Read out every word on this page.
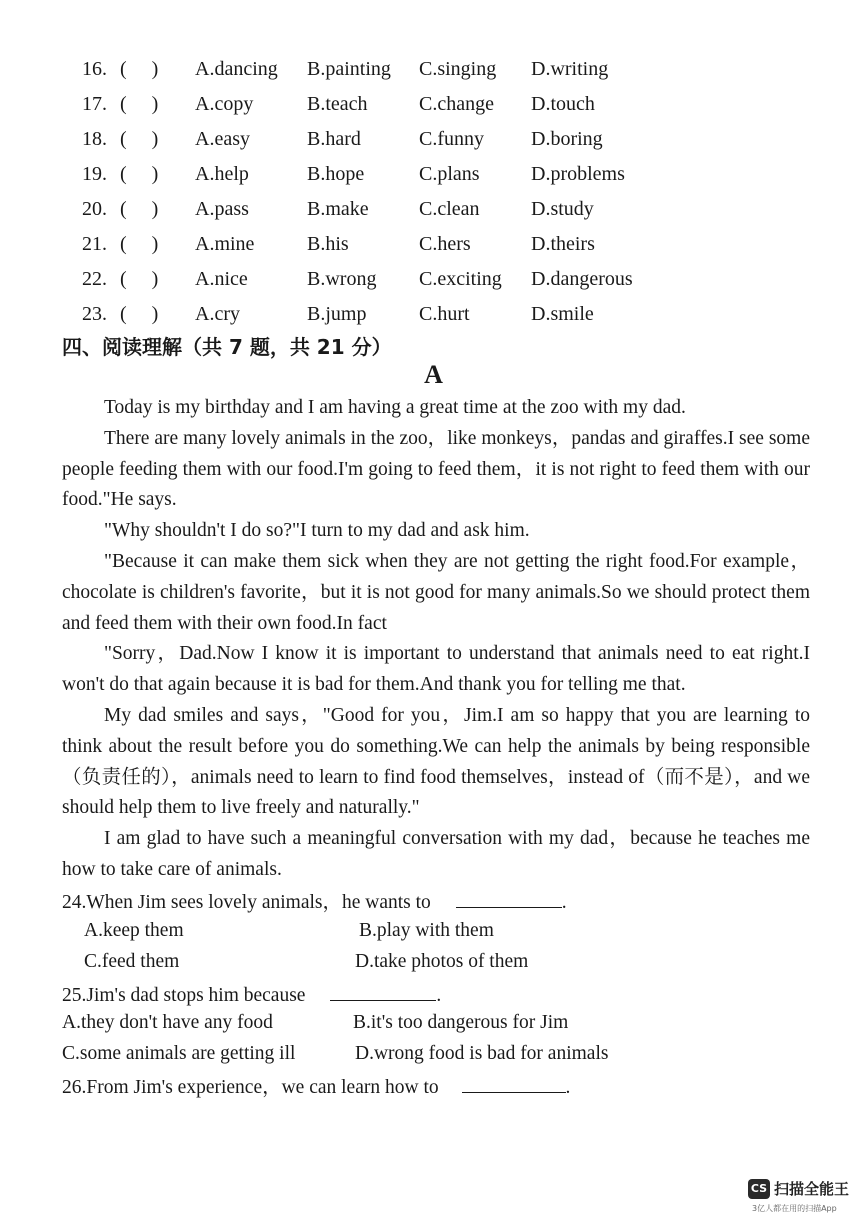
16. (     ) A.dancing B.painting C.singing D.writing
17. (     ) A.copy	B.teach	C.change D.touch
18. (     ) A.easy	B.hard	C.funny D.boring
19. (     ) A.help	B.hope	C.plans	D.problems
20. (     ) A.pass	B.make	C.clean	D.study
21. (     ) A.mine	B.his	C.hers	D.theirs
22. (     ) A.nice	B.wrong C.exciting D.dangerous
23. (     ) A.cry	B.jump	C.hurt	D.smile
四、阅读理解（共 7 题，共 21 分）
A

Today is my birthday and I am having a great time at the zoo with my dad.

There are many lovely animals in the zoo，like monkeys，pandas and giraffes.I see some people feeding them with our food.I'm going to feed them，it is not right to feed them with our food."He says.

"Why shouldn't I do so?"I turn to my dad and ask him.

"Because it can make them sick when they are not getting the right food.For example，chocolate is children's favorite，but it is not good for many animals.So we should protect them and feed them with their own food.In fact

"Sorry，Dad.Now I know it is important to understand that animals need to eat right.I won't do that again because it is bad for them.And thank you for telling me that.

My dad smiles and says，"Good for you，Jim.I am so happy that you are learning to think about the result before you do something.We can help the animals by being responsible（负责任的），animals need to learn to find food themselves，instead of（而不是），and we should help them to live freely and naturally."

I am glad to have such a meaningful conversation with my dad，because he teaches me how to take care of animals.

24.When Jim sees lovely animals，he wants to	.
A.keep them	B.play with them
C.feed them	D.take photos of them
25.Jim's dad stops him because	.
A.they don't have any food	B.it's too dangerous for Jim
C.some animals are getting ill	D.wrong food is bad for animals
26.From Jim's experience，we can learn how to	.
CS 扫描全能王
3亿人都在用的扫描App
